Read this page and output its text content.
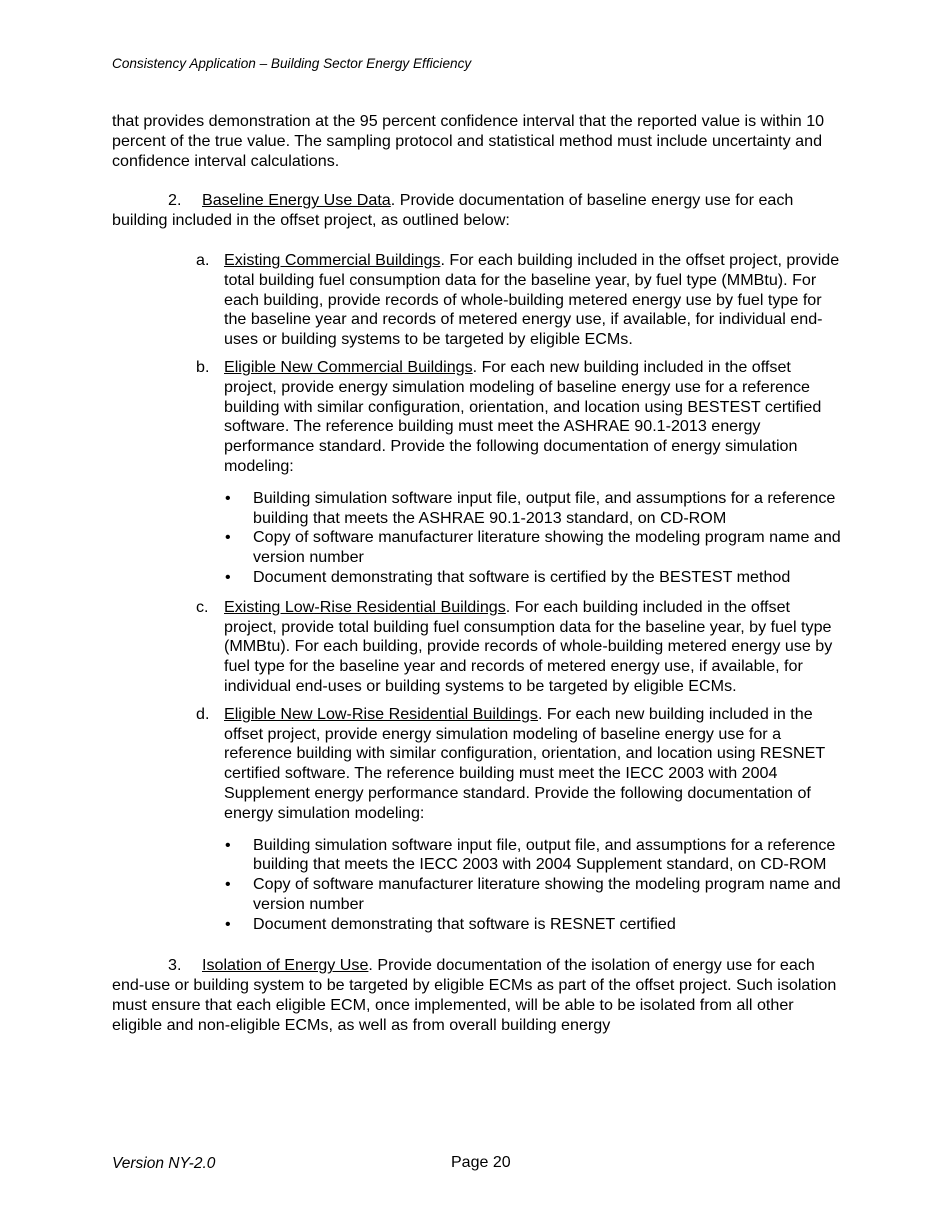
Consistency Application – Building Sector Energy Efficiency

that provides demonstration at the 95 percent confidence interval that the reported value is within 10 percent of the true value. The sampling protocol and statistical method must include uncertainty and confidence interval calculations.

2. Baseline Energy Use Data. Provide documentation of baseline energy use for each building included in the offset project, as outlined below:

a. Existing Commercial Buildings. For each building included in the offset project, provide total building fuel consumption data for the baseline year, by fuel type (MMBtu). For each building, provide records of whole-building metered energy use by fuel type for the baseline year and records of metered energy use, if available, for individual end-uses or building systems to be targeted by eligible ECMs.
b. Eligible New Commercial Buildings. For each new building included in the offset project, provide energy simulation modeling of baseline energy use for a reference building with similar configuration, orientation, and location using BESTEST certified software. The reference building must meet the ASHRAE 90.1-2013 energy performance standard. Provide the following documentation of energy simulation modeling:
•	Building simulation software input file, output file, and assumptions for a reference building that meets the ASHRAE 90.1-2013 standard, on CD-ROM
•	Copy of software manufacturer literature showing the modeling program name and version number
•	Document demonstrating that software is certified by the BESTEST method
c. Existing Low-Rise Residential Buildings. For each building included in the offset project, provide total building fuel consumption data for the baseline year, by fuel type (MMBtu). For each building, provide records of whole-building metered energy use by fuel type for the baseline year and records of metered energy use, if available, for individual end-uses or building systems to be targeted by eligible ECMs.
d. Eligible New Low-Rise Residential Buildings. For each new building included in the offset project, provide energy simulation modeling of baseline energy use for a reference building with similar configuration, orientation, and location using RESNET certified software. The reference building must meet the IECC 2003 with 2004 Supplement energy performance standard. Provide the following documentation of energy simulation modeling:
•	Building simulation software input file, output file, and assumptions for a reference building that meets the IECC 2003 with 2004 Supplement standard, on CD-ROM
•	Copy of software manufacturer literature showing the modeling program name and version number
•	Document demonstrating that software is RESNET certified

3. Isolation of Energy Use. Provide documentation of the isolation of energy use for each end-use or building system to be targeted by eligible ECMs as part of the offset project. Such isolation must ensure that each eligible ECM, once implemented, will be able to be isolated from all other eligible and non-eligible ECMs, as well as from overall building energy

Version NY-2.0	Page 20
